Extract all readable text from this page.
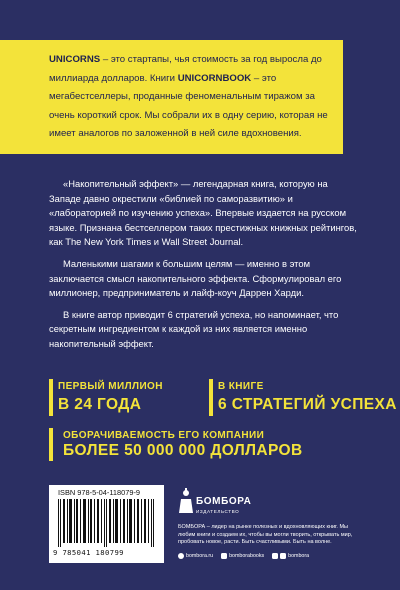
UNICORNS – это стартапы, чья стоимость за год выросла до миллиарда долларов. Книги UNICORNBOOK – это мегабестселлеры, проданные феноменальным тиражом за очень короткий срок. Мы собрали их в одну серию, которая не имеет аналогов по заложенной в ней силе вдохновения.

«Накопительный эффект» — легендарная книга, которую на Западе давно окрестили «библией по саморазвитию» и «лабораторией по изучению успеха». Впервые издается на русском языке. Признана бестселлером таких престижных книжных рейтингов, как The New York Times и Wall Street Journal.

Маленькими шагами к большим целям — именно в этом заключается смысл накопительного эффекта. Сформулировал его миллионер, предприниматель и лайф-коуч Даррен Харди.

В книге автор приводит 6 стратегий успеха, но напоминает, что секретным ингредиентом к каждой из них является именно накопительный эффект.

ПЕРВЫЙ МИЛЛИОН
В 24 ГОДА
В КНИГЕ
6 СТРАТЕГИЙ УСПЕХА
ОБОРАЧИВАЕМОСТЬ ЕГО КОМПАНИИ
БОЛЕЕ 50 000 000 ДОЛЛАРОВ
ISBN 978-5-04-118079-9
9 785041 180799
БОМБОРА
ИЗДАТЕЛЬСТВО

БОМБОРА – лидер на рынке полезных и вдохновляющих книг. Мы любим книги и создаем их, чтобы вы могли творить, открывать мир, пробовать новое, расти. Быть счастливыми. Быть на волне.

bombora.ru	bomborabooks	bombora
